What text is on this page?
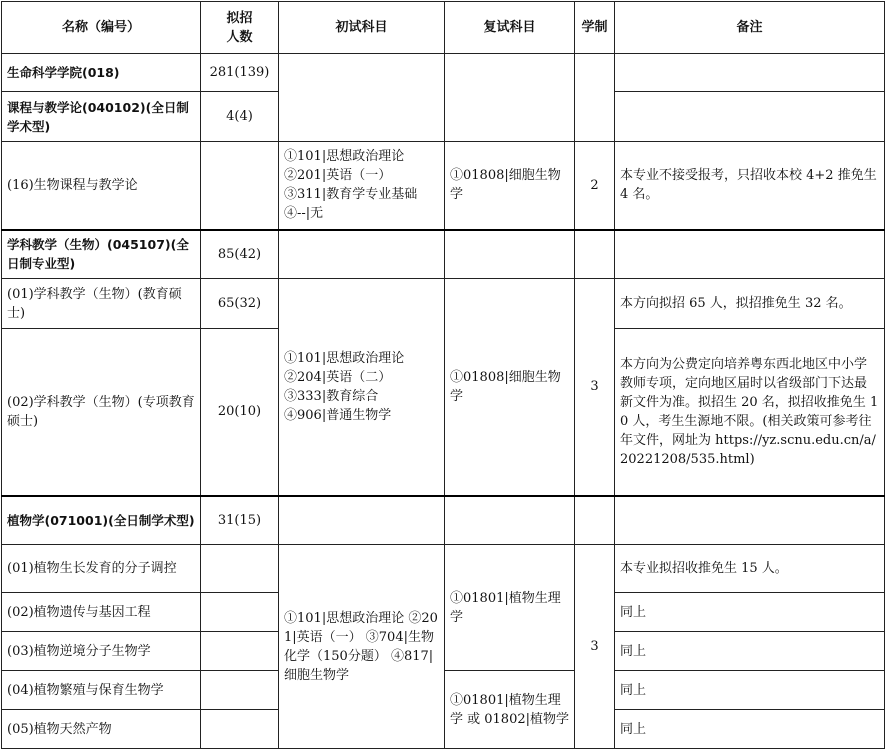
名称（编号）	拟招
人数	初试科目	复试科目	学制	备注
生命科学学院(018)	281(139)				
课程与教学论(040102)(全日制学术型)	4(4)				
(16)生物课程与教学论		①101|思想政治理论
②201|英语（一）
③311|教育学专业基础
④--|无	①01808|细胞生物学	2	本专业不接受报考，只招收本校 4+2 推免生 4 名。
学科教学（生物）(045107)(全日制专业型)	85(42)				
(01)学科教学（生物）(教育硕士)	65(32)	①101|思想政治理论
②204|英语（二）
③333|教育综合
④906|普通生物学	①01808|细胞生物学	3	本方向拟招 65 人，拟招推免生 32 名。
(02)学科教学（生物）(专项教育硕士)	20(10)				本方向为公费定向培养粤东西北地区中小学教师专项，定向地区届时以省级部门下达最新文件为准。拟招生 20 名，拟招收推免生 10 人，考生生源地不限。(相关政策可参考往年文件，网址为 https://yz.scnu.edu.cn/a/20221208/535.html)
植物学(071001)(全日制学术型)	31(15)				
(01)植物生长发育的分子调控		①101|思想政治理论 ②201|英语（一） ③704|生物化学（150分题） ④817|细胞生物学	①01801|植物生理学	3	本专业拟招收推免生 15 人。
(02)植物遗传与基因工程					同上
(03)植物逆境分子生物学					同上
(04)植物繁殖与保育生物学			①01801|植物生理学 或 01802|植物学		同上
(05)植物天然产物					同上
